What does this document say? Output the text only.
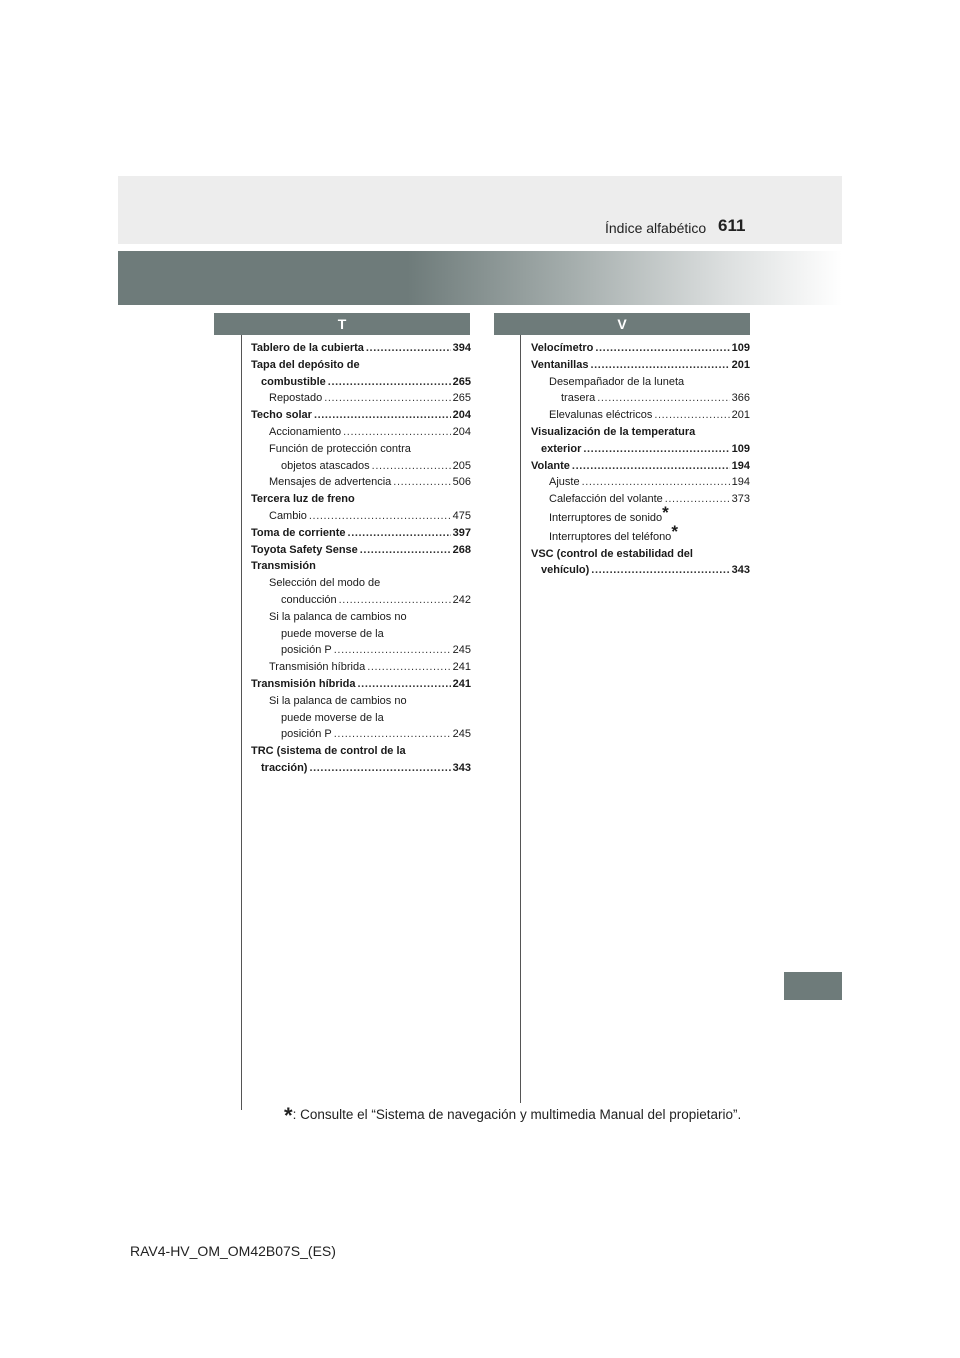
Índice alfabético 611
T	V
Tablero de la cubierta .....	394
Tapa del depósito de
combustible .....	265
Repostado .....	265
Techo solar .....	204
Accionamiento .....	204
Función de protección contra
objetos atascados .....	205
Mensajes de advertencia .....	506
Tercera luz de freno
Cambio .....	475
Toma de corriente .....	397
Toyota Safety Sense .....	268
Transmisión
Selección del modo de
conducción .....	242
Si la palanca de cambios no
puede moverse de la
posición P .....	245
Transmisión híbrida .....	241
Transmisión híbrida .....	241
Si la palanca de cambios no
puede moverse de la
posición P .....	245
TRC (sistema de control de la
tracción) .....	343
Velocímetro .....	109
Ventanillas .....	201
Desempañador de la luneta
trasera .....	366
Elevalunas eléctricos .....	201
Visualización de la temperatura
exterior .....	109
Volante .....	194
Ajuste .....	194
Calefacción del volante .....	373
Interruptores de sonido*
Interruptores del teléfono*
VSC (control de estabilidad del
vehículo) .....	343
*: Consulte el “Sistema de navegación y multimedia Manual del propietario”.
RAV4-HV_OM_OM42B07S_(ES)
